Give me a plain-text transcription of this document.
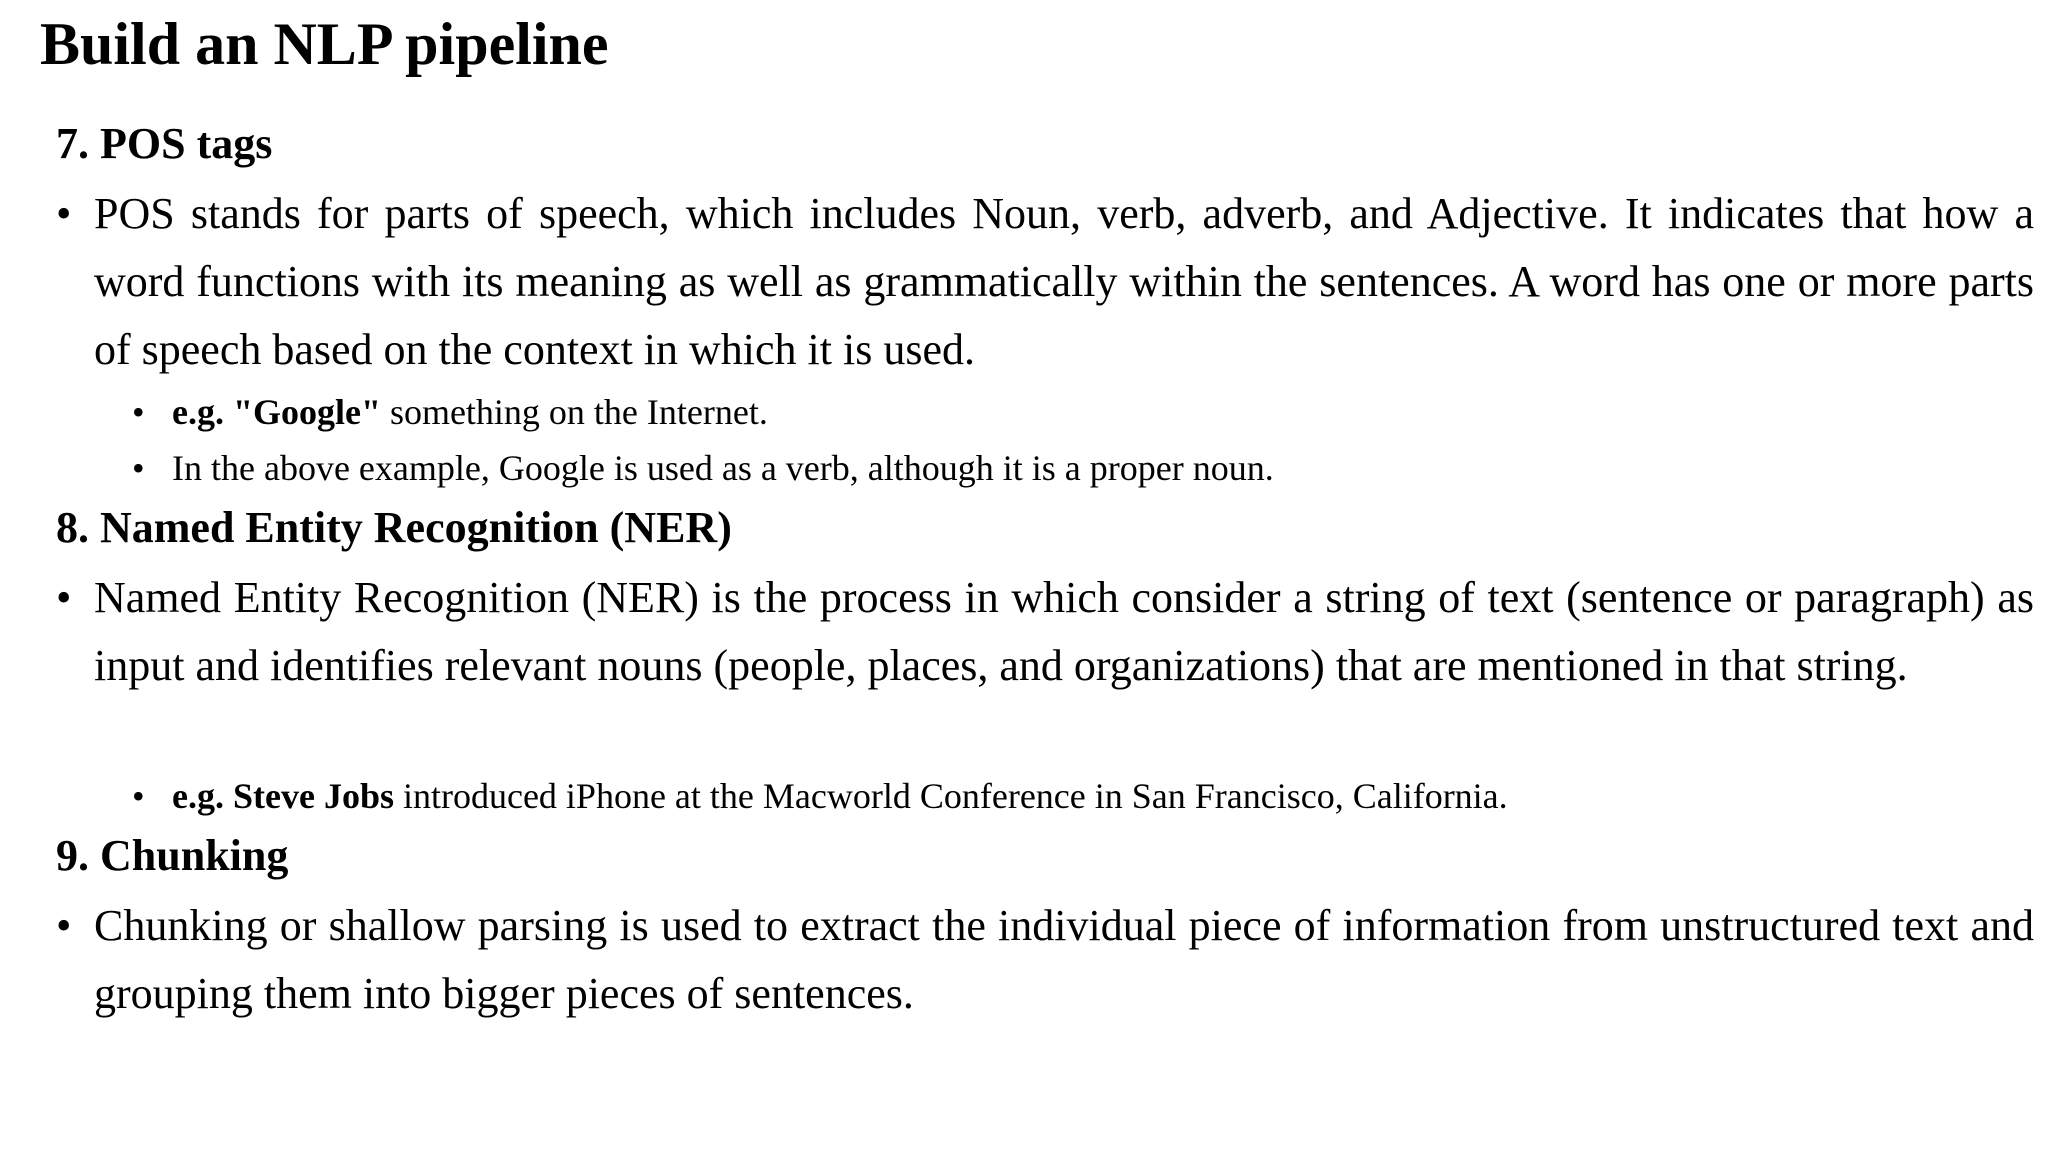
Build an NLP pipeline
7. POS tags
• POS stands for parts of speech, which includes Noun, verb, adverb, and Adjective. It indicates that how a word functions with its meaning as well as grammatically within the sentences. A word has one or more parts of speech based on the context in which it is used.
• e.g. "Google" something on the Internet.
• In the above example, Google is used as a verb, although it is a proper noun.
8. Named Entity Recognition (NER)
• Named Entity Recognition (NER) is the process in which consider a string of text (sentence or paragraph) as input and identifies relevant nouns (people, places, and organizations) that are mentioned in that string.
• e.g. Steve Jobs introduced iPhone at the Macworld Conference in San Francisco, California.
9. Chunking
• Chunking or shallow parsing is used to extract the individual piece of information from unstructured text and grouping them into bigger pieces of sentences.
